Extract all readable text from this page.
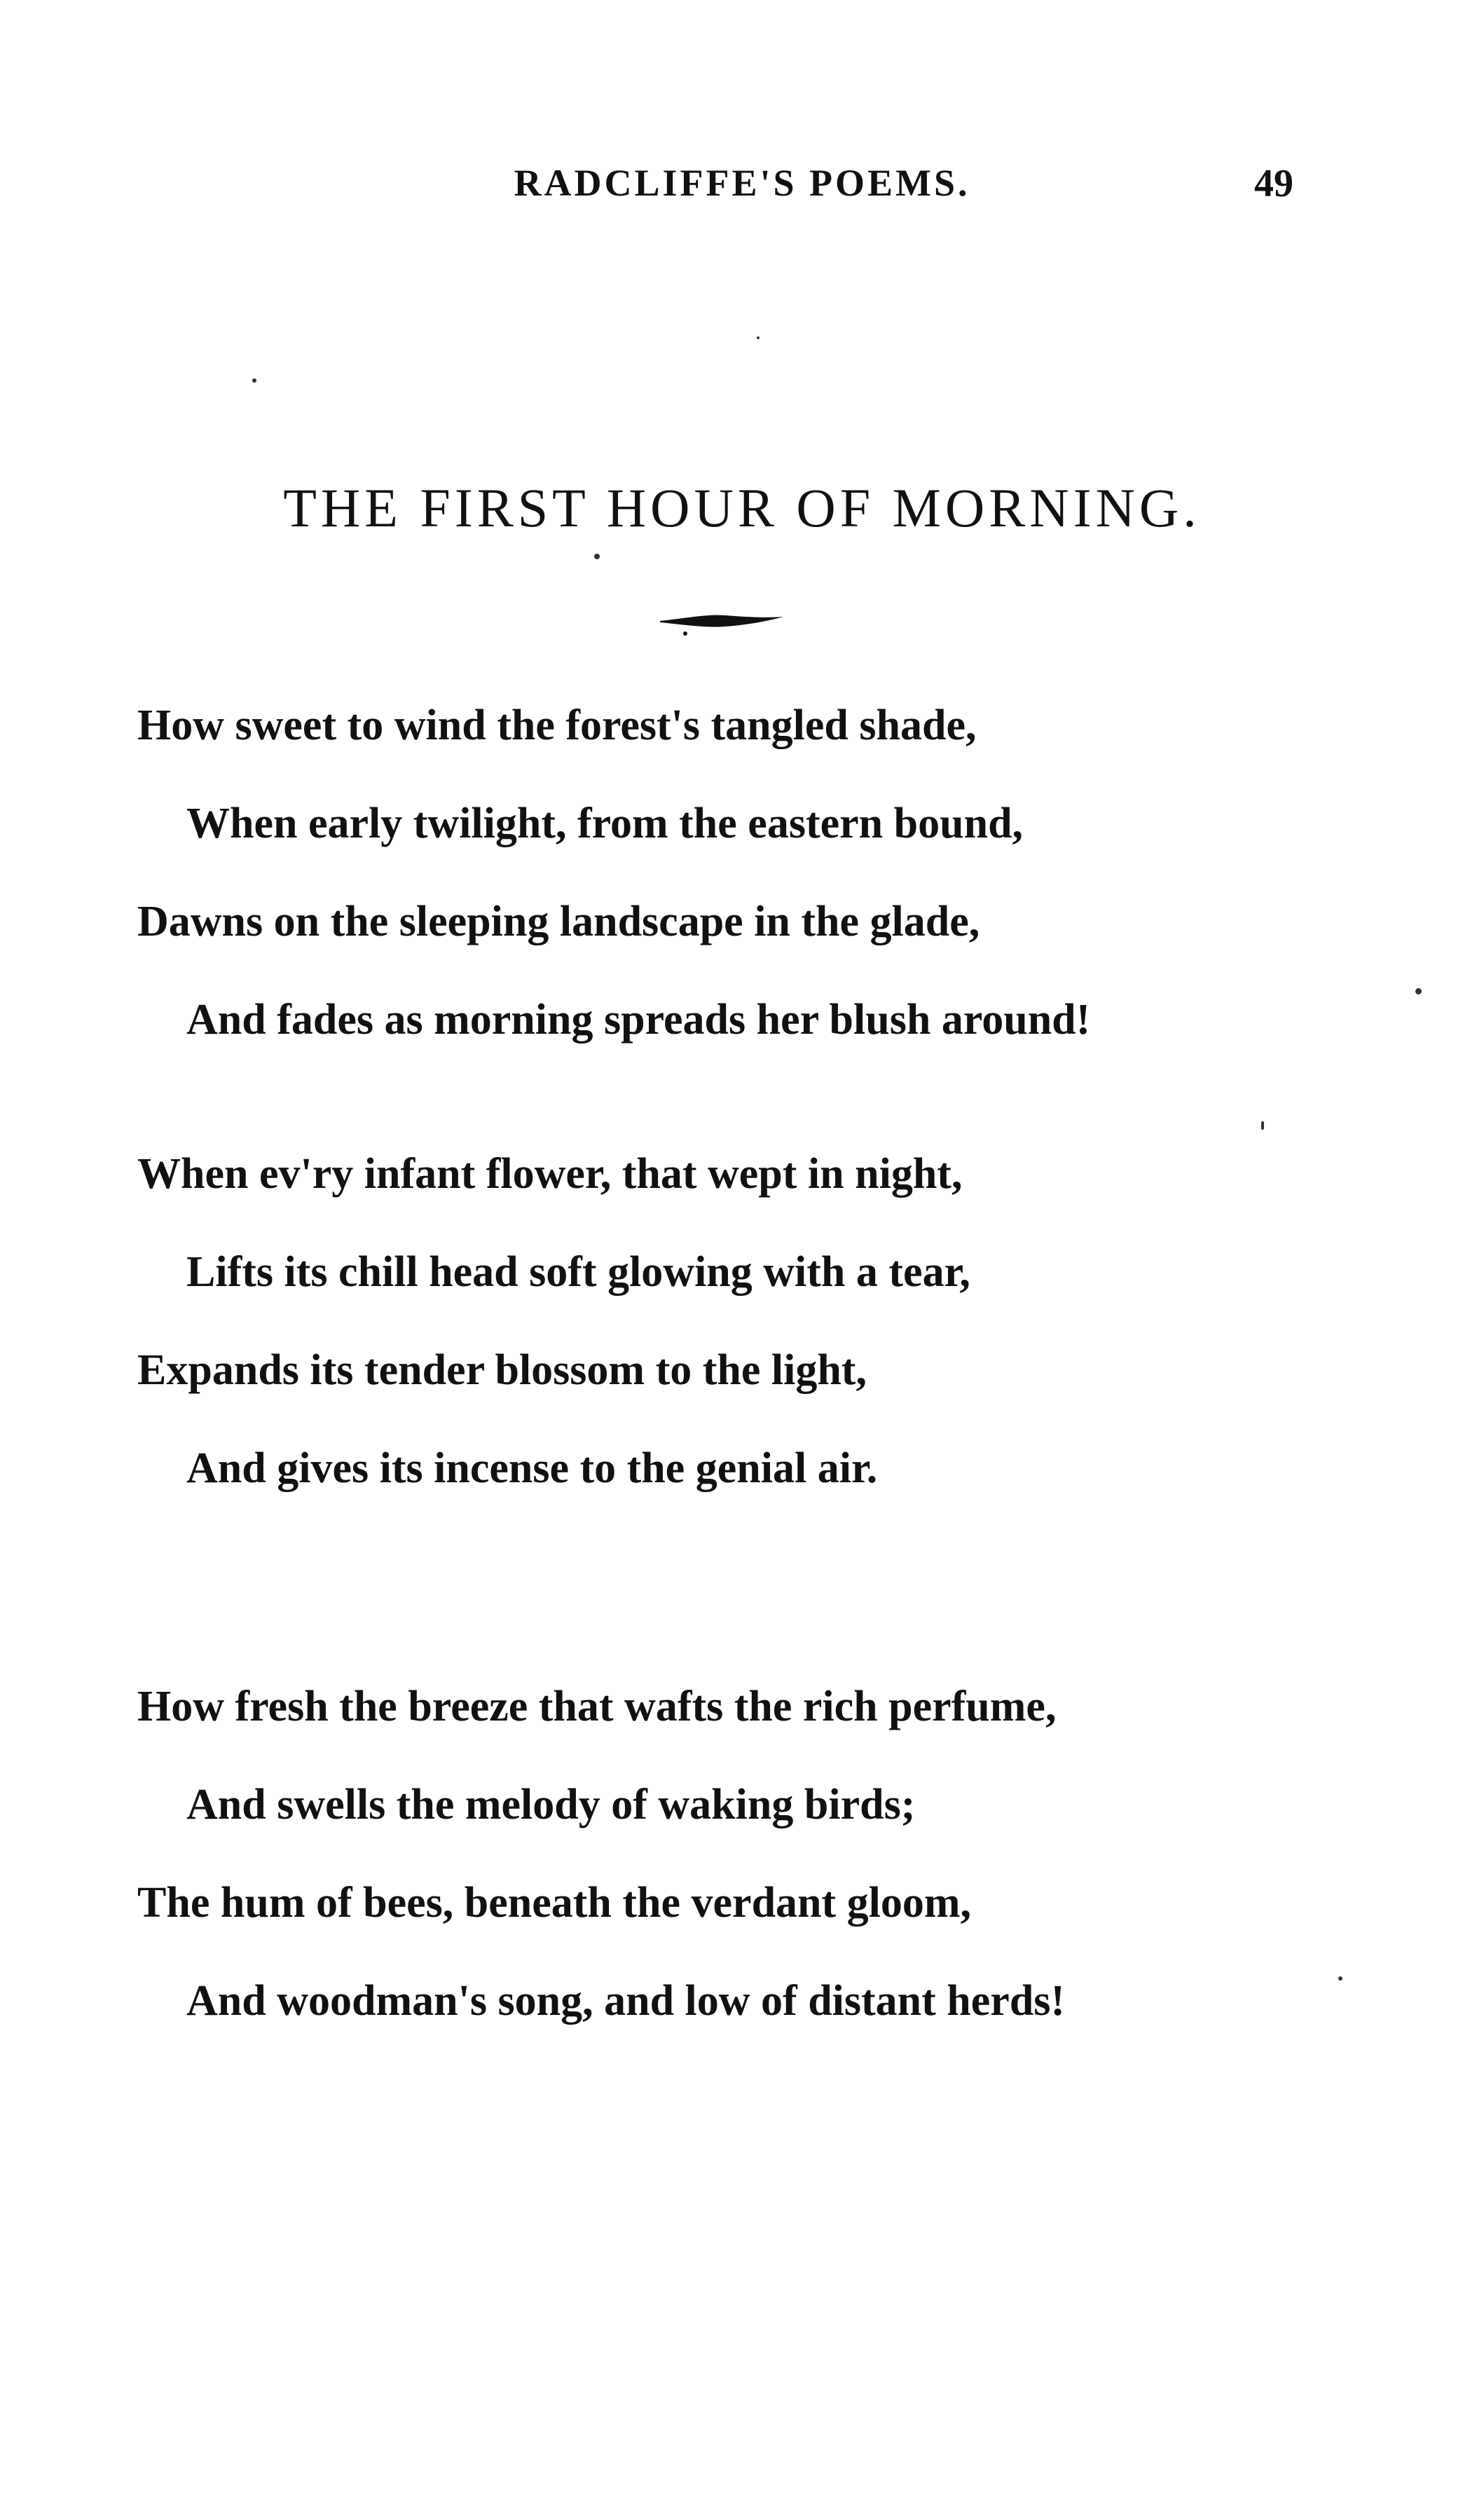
RADCLIFFE'S POEMS.	49
THE FIRST HOUR OF MORNING.
How sweet to wind the forest's tangled shade,
When early twilight, from the eastern bound,
Dawns on the sleeping landscape in the glade,
And fades as morning spreads her blush around!
When ev'ry infant flower, that wept in night,
Lifts its chill head soft glowing with a tear,
Expands its tender blossom to the light,
And gives its incense to the genial air.
How fresh the breeze that wafts the rich perfume,
And swells the melody of waking birds;
The hum of bees, beneath the verdant gloom,
And woodman's song, and low of distant herds!
